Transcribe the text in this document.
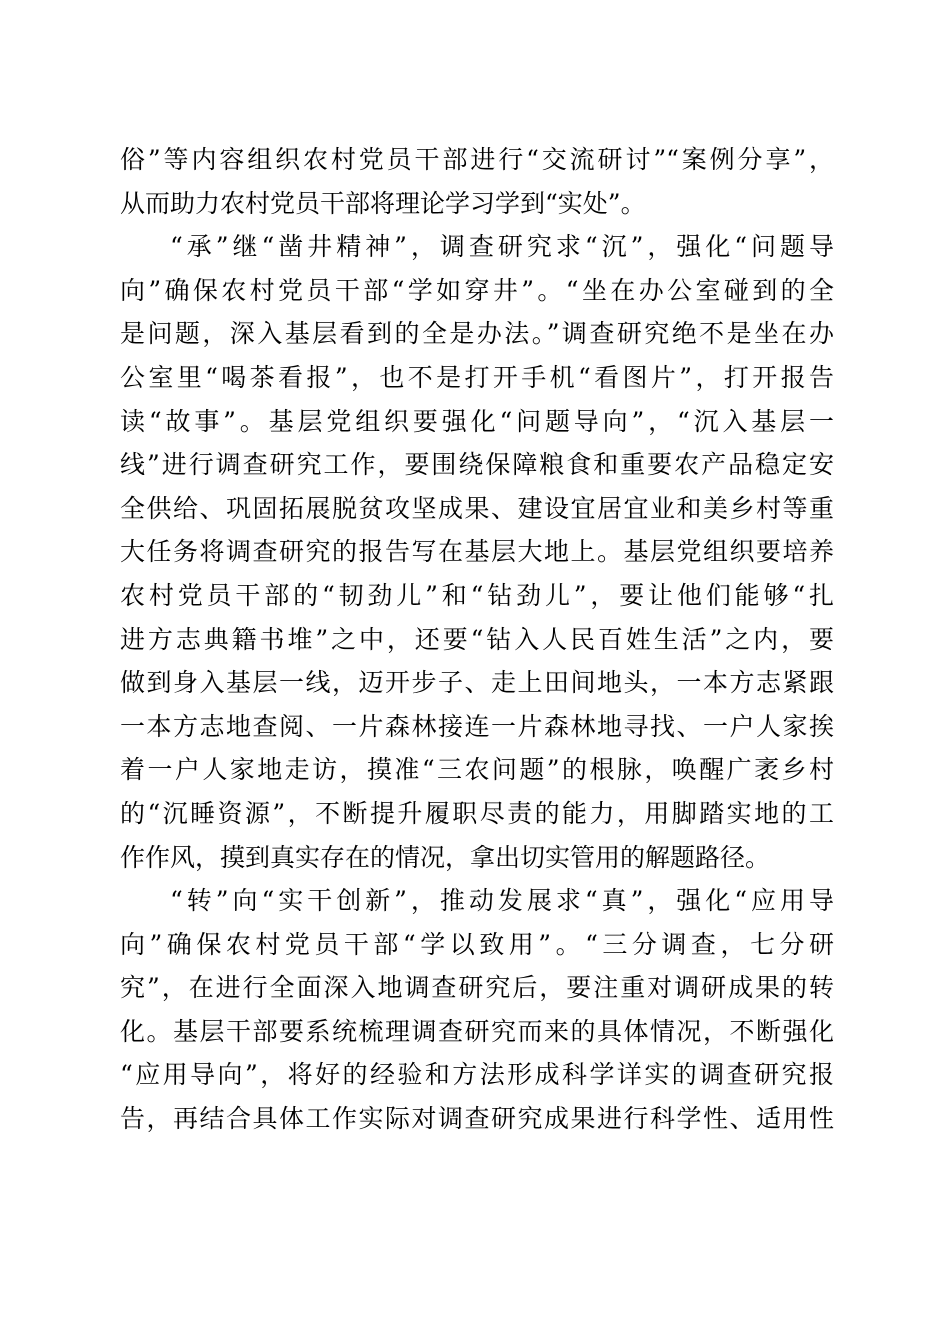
俗”等内容组织农村党员干部进行“交流研讨”“案例分享”，
从而助力农村党员干部将理论学习学到“实处”。
“承”继“凿井精神”，调查研究求“沉”，强化“问题导
向”确保农村党员干部“学如穿井”。“坐在办公室碰到的全
是问题，深入基层看到的全是办法。”调查研究绝不是坐在办
公室里“喝茶看报”，也不是打开手机“看图片”，打开报告
读“故事”。基层党组织要强化“问题导向”，“沉入基层一
线”进行调查研究工作，要围绕保障粮食和重要农产品稳定安
全供给、巩固拓展脱贫攻坚成果、建设宜居宜业和美乡村等重
大任务将调查研究的报告写在基层大地上。基层党组织要培养
农村党员干部的“韧劲儿”和“钻劲儿”，要让他们能够“扎
进方志典籍书堆”之中，还要“钻入人民百姓生活”之内，要
做到身入基层一线，迈开步子、走上田间地头，一本方志紧跟
一本方志地查阅、一片森林接连一片森林地寻找、一户人家挨
着一户人家地走访，摸准“三农问题”的根脉，唤醒广袤乡村
的“沉睡资源”，不断提升履职尽责的能力，用脚踏实地的工
作作风，摸到真实存在的情况，拿出切实管用的解题路径。
“转”向“实干创新”，推动发展求“真”，强化“应用导
向”确保农村党员干部“学以致用”。“三分调查，七分研
究”，在进行全面深入地调查研究后，要注重对调研成果的转
化。基层干部要系统梳理调查研究而来的具体情况，不断强化
“应用导向”，将好的经验和方法形成科学详实的调查研究报
告，再结合具体工作实际对调查研究成果进行科学性、适用性
